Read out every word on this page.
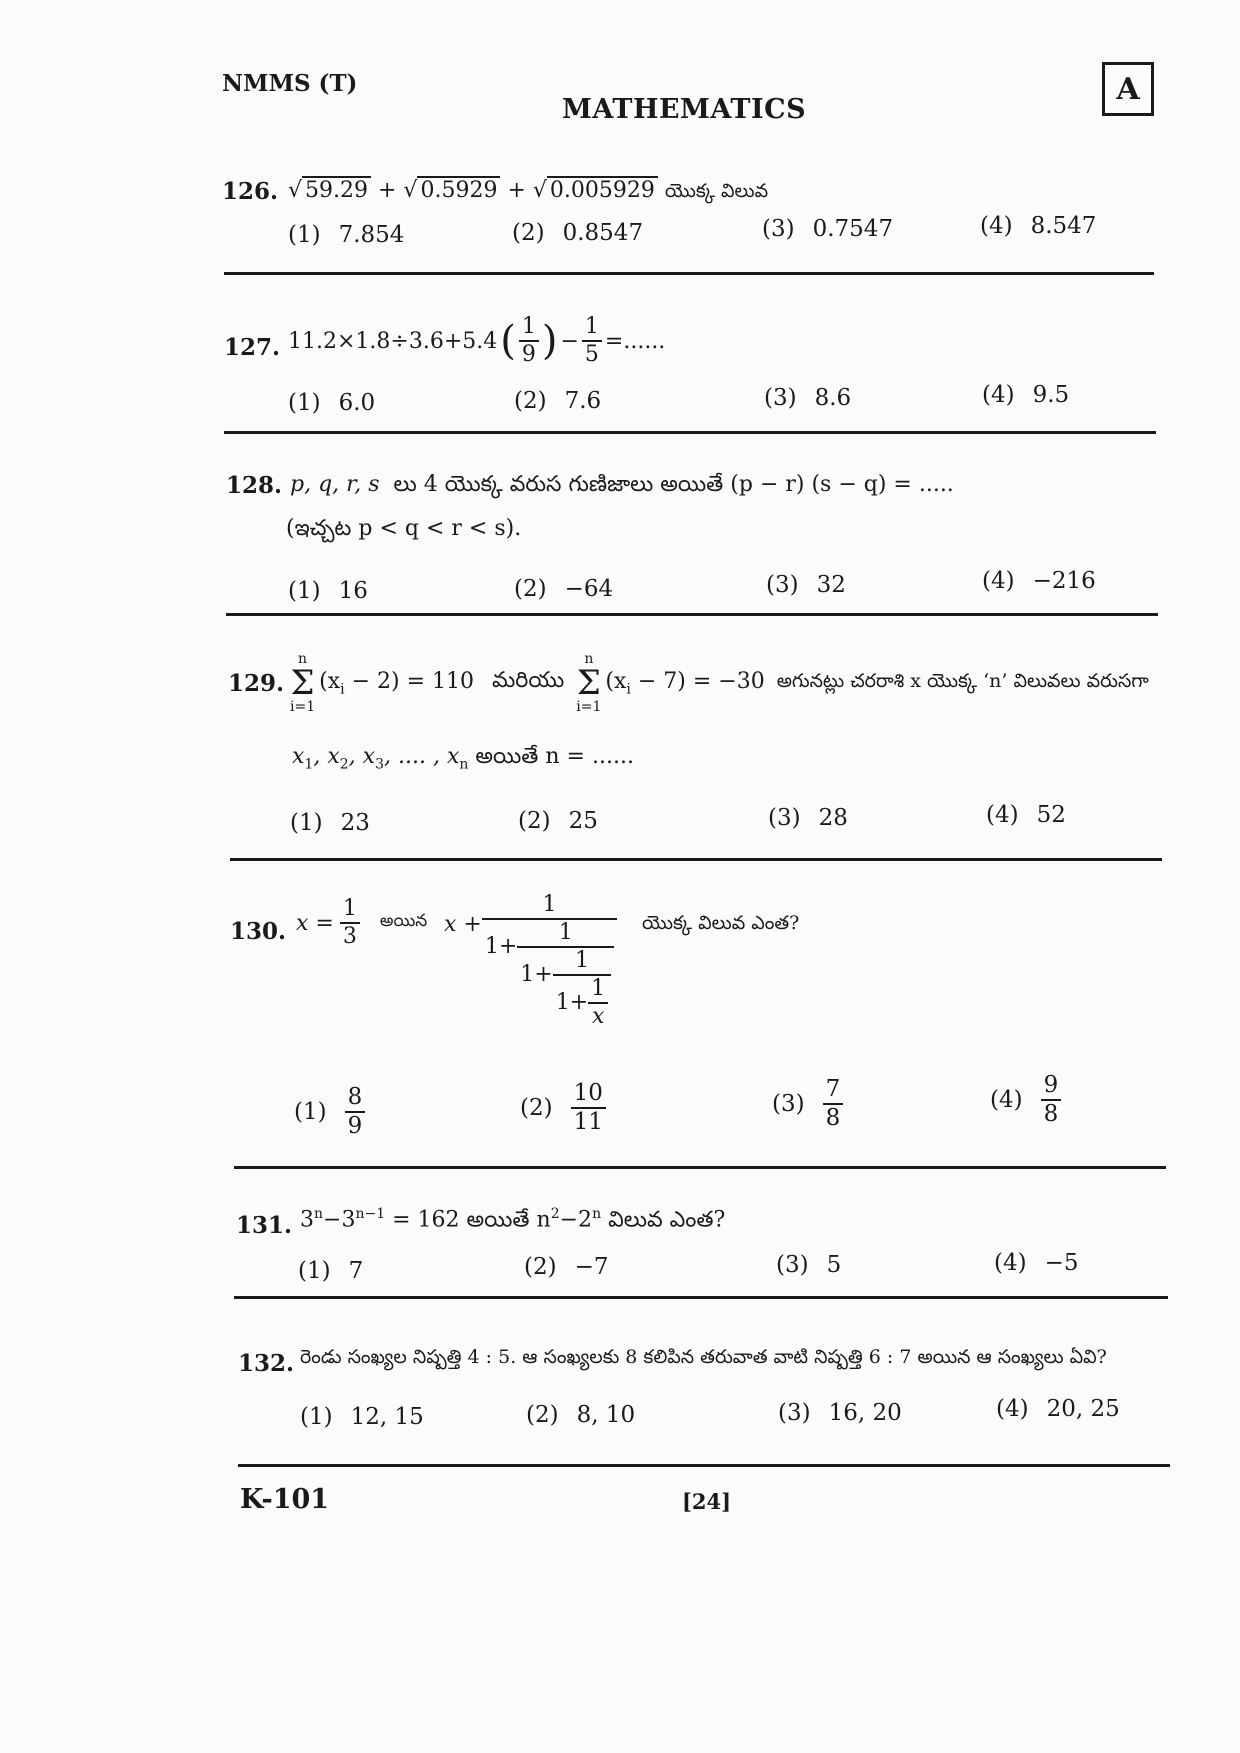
NMMS (T)
MATHEMATICS
A
126. √ 59.29 + √ 0.5929 + √ 0.005929 యొక్క విలువ
(1) 7.854	(2) 0.8547	(3) 0.7547	(4) 8.547
127. 11.2×1.8÷3.6+5.4 ( $\frac{1}{9}$ ) − $\frac{1}{5}$ =......
(1) 6.0	(2) 7.6	(3) 8.6	(4) 9.5
128. p, q, r, s లు 4 యొక్క వరుస గుణిజాలు అయితే (p − r) (s − q) = .....
(ఇచ్చట p < q < r < s).
(1) 16	(2) −64	(3) 32	(4) −216
129.
n
Σ
i=1
$(x_i - 2) = 110$ మరియు
n
Σ
i=1
$(x_i - 7) = -30$ అగునట్లు చరరాశి x యొక్క ‘n’ విలువలు వరుసగా
$x_1$, $x_2$, $x_3$, .... , $x_n$ అయితే n = ......
(1) 23	(2) 25	(3) 28	(4) 52
130. $x = \frac{1}{3}$ అయిన x +
1
1+
1
$1+ \frac{1}{1+ \frac{1}{x}}$
యొక్క విలువ ఎంత?
$(1) \frac{8}{9}$	$(2) \frac{10}{11}$	$(3) \frac{7}{8}$	$(4) \frac{9}{8}$
131. $3^n-3^{n-1} = 162$ అయితే $n^2-2^n$ విలువ ఎంత?
(1) 7	(2) −7	(3) 5	(4) −5
132. రెండు సంఖ్యల నిష్పత్తి 4 : 5. ఆ సంఖ్యలకు 8 కలిపిన తరువాత వాటి నిష్పత్తి 6 : 7 అయిన ఆ సంఖ్యలు ఏవి?
(1) 12, 15	(2) 8, 10	(3) 16, 20	(4) 20, 25
K-101	[24]
